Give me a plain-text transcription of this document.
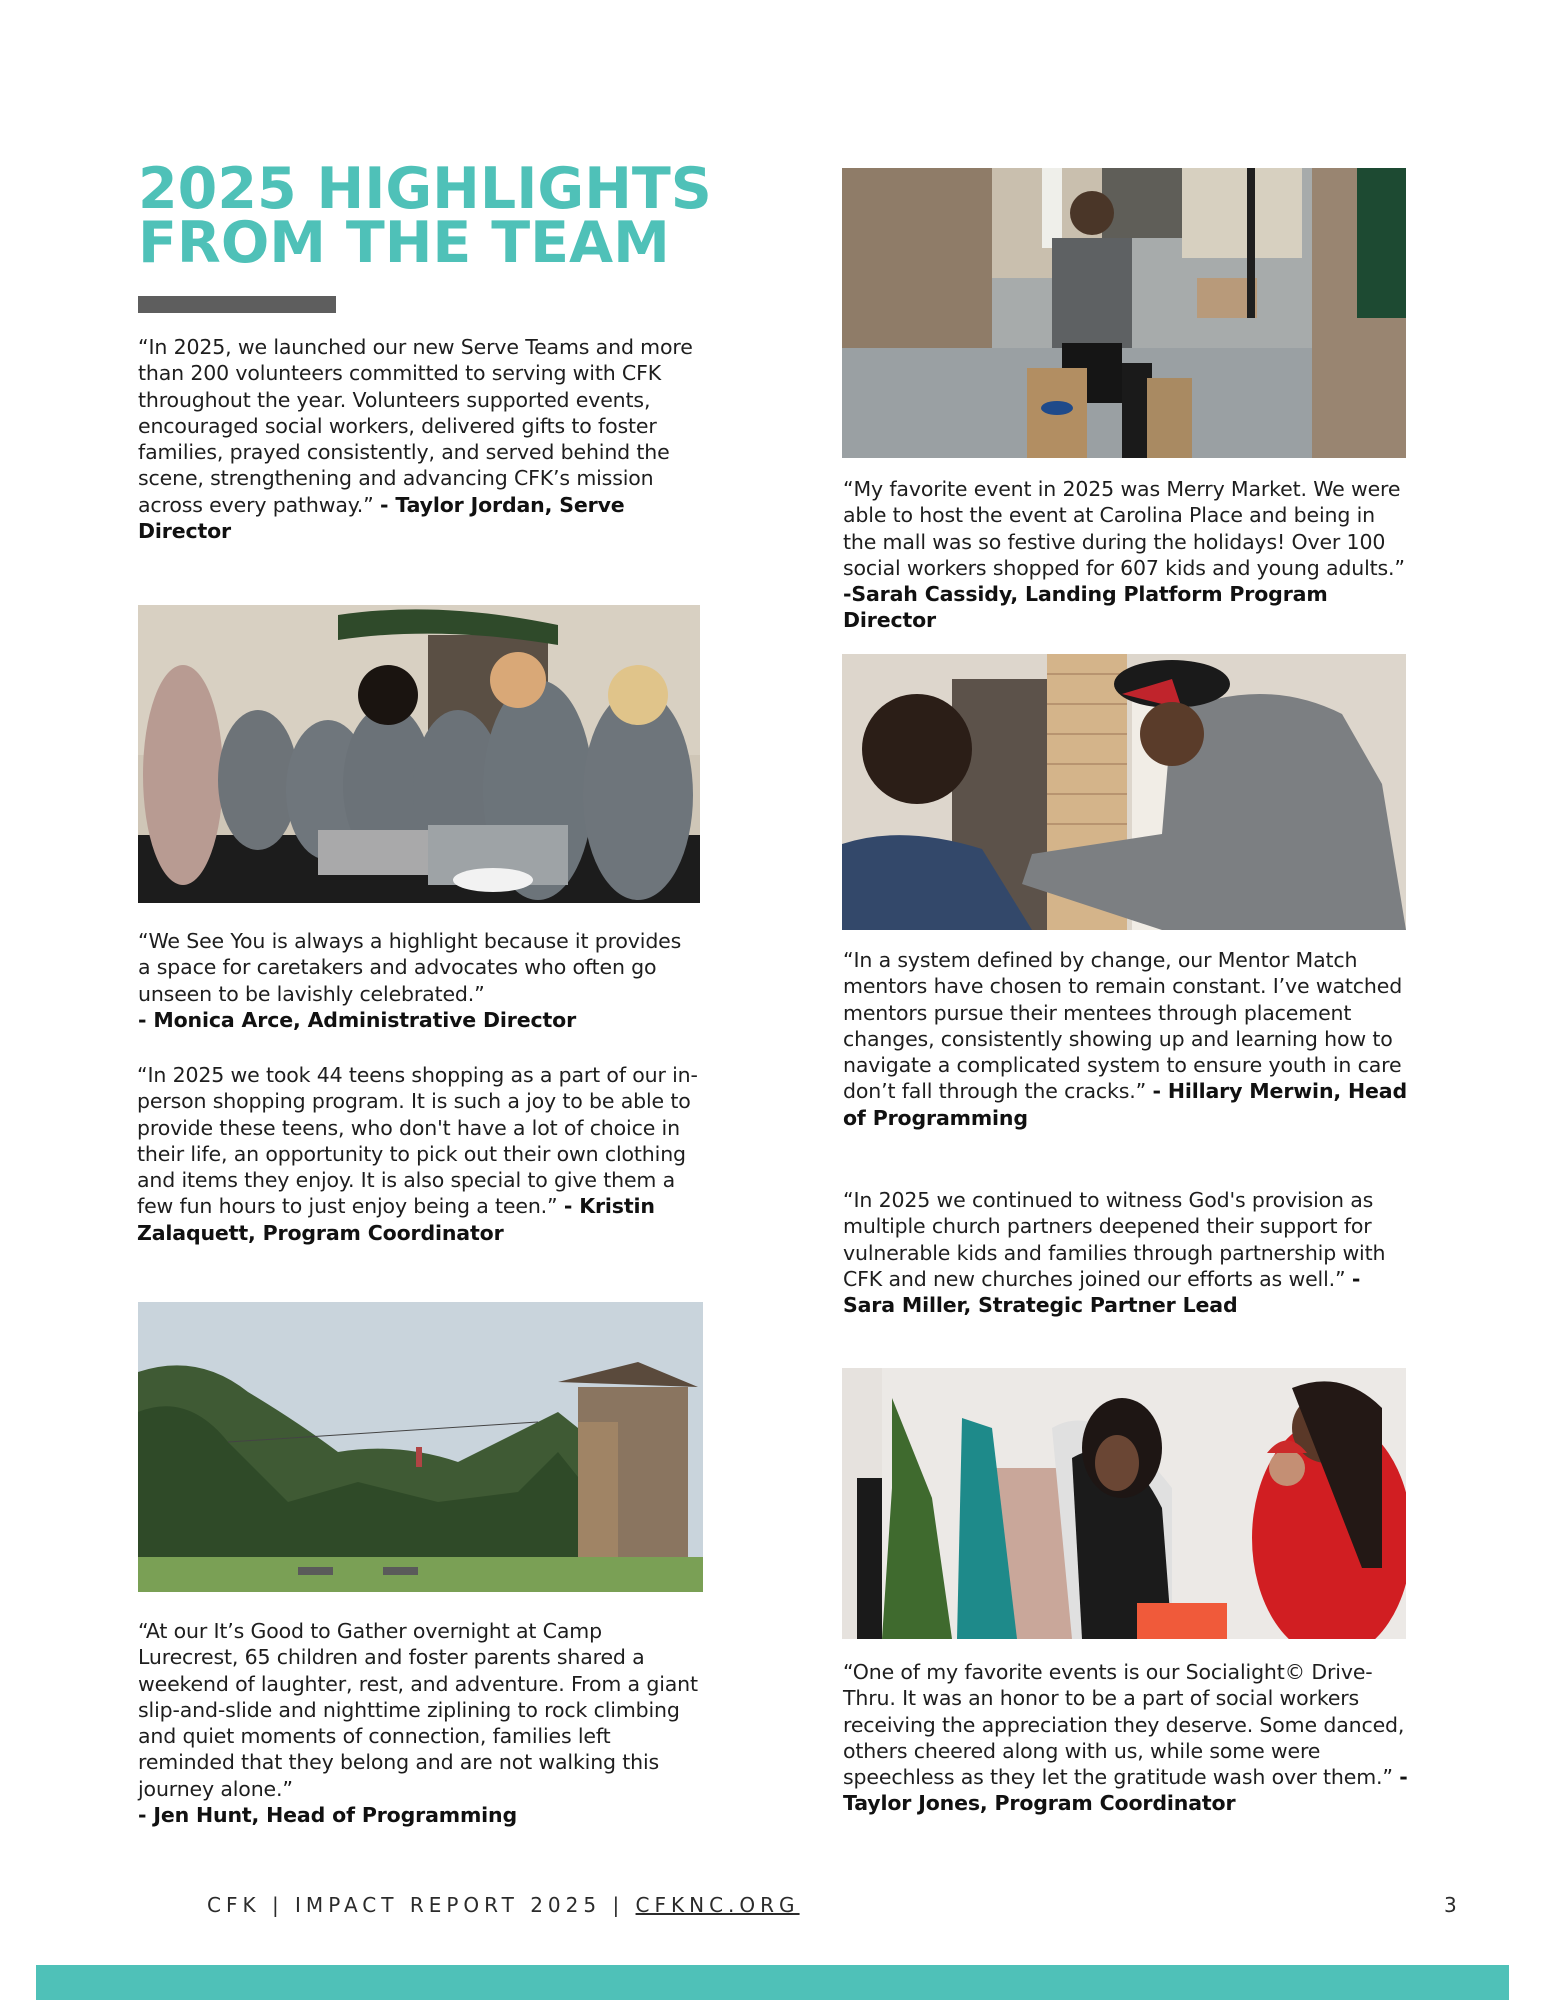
2025 HIGHLIGHTS
FROM THE TEAM

“In 2025, we launched our new Serve Teams and more than 200 volunteers committed to serving with CFK throughout the year. Volunteers supported events, encouraged social workers, delivered gifts to foster families, prayed consistently, and served behind the scene, strengthening and advancing CFK’s mission across every pathway.” - Taylor Jordan, Serve Director

“We See You is always a highlight because it provides a space for caretakers and advocates who often go unseen to be lavishly celebrated.”
- Monica Arce, Administrative Director

“In 2025 we took 44 teens shopping as a part of our in-person shopping program. It is such a joy to be able to provide these teens, who don't have a lot of choice in their life, an opportunity to pick out their own clothing and items they enjoy. It is also special to give them a few fun hours to just enjoy being a teen.” - Kristin Zalaquett, Program Coordinator

“At our It’s Good to Gather overnight at Camp Lurecrest, 65 children and foster parents shared a weekend of laughter, rest, and adventure. From a giant slip-and-slide and nighttime ziplining to rock climbing and quiet moments of connection, families left reminded that they belong and are not walking this journey alone.”
- Jen Hunt, Head of Programming

“My favorite event in 2025 was Merry Market. We were able to host the event at Carolina Place and being in the mall was so festive during the holidays! Over 100 social workers shopped for 607 kids and young adults.” -Sarah Cassidy, Landing Platform Program Director

“In a system defined by change, our Mentor Match mentors have chosen to remain constant. I’ve watched mentors pursue their mentees through placement changes, consistently showing up and learning how to navigate a complicated system to ensure youth in care don’t fall through the cracks.” - Hillary Merwin, Head of Programming

“In 2025 we continued to witness God's provision as multiple church partners deepened their support for vulnerable kids and families through partnership with CFK and new churches joined our efforts as well.” - Sara Miller, Strategic Partner Lead

“One of my favorite events is our Socialight© Drive-Thru. It was an honor to be a part of social workers receiving the appreciation they deserve. Some danced, others cheered along with us, while some were speechless as they let the gratitude wash over them.” - Taylor Jones, Program Coordinator

CFK | IMPACT REPORT 2025 | CFKNC.ORG	3
